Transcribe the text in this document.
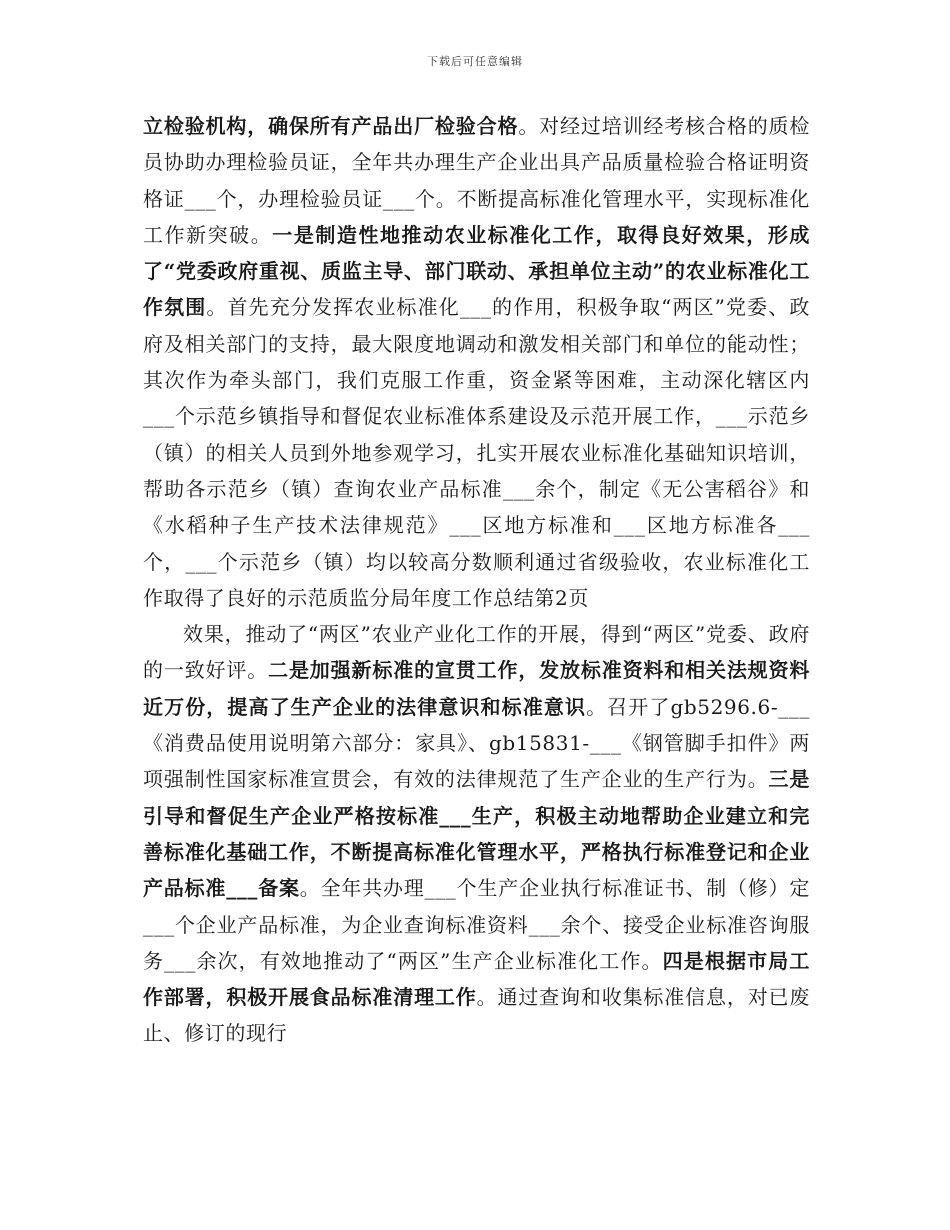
下载后可任意编辑

立检验机构，确保所有产品出厂检验合格。对经过培训经考核合格的质检员协助办理检验员证，全年共办理生产企业出具产品质量检验合格证明资格证___个，办理检验员证___个。不断提高标准化管理水平，实现标准化工作新突破。一是制造性地推动农业标准化工作，取得良好效果，形成了“党委政府重视、质监主导、部门联动、承担单位主动”的农业标准化工作氛围。首先充分发挥农业标准化___的作用，积极争取“两区”党委、政府及相关部门的支持，最大限度地调动和激发相关部门和单位的能动性；其次作为牵头部门，我们克服工作重，资金紧等困难，主动深化辖区内___个示范乡镇指导和督促农业标准体系建设及示范开展工作，___示范乡（镇）的相关人员到外地参观学习，扎实开展农业标准化基础知识培训，帮助各示范乡（镇）查询农业产品标准___余个，制定《无公害稻谷》和《水稻种子生产技术法律规范》___区地方标准和___区地方标准各___个，___个示范乡（镇）均以较高分数顺利通过省级验收，农业标准化工作取得了良好的示范质监分局年度工作总结第2页

效果，推动了“两区”农业产业化工作的开展，得到“两区”党委、政府的一致好评。二是加强新标准的宣贯工作，发放标准资料和相关法规资料近万份，提高了生产企业的法律意识和标准意识。召开了gb5296.6-___《消费品使用说明第六部分：家具》、gb15831-___《钢管脚手扣件》两项强制性国家标准宣贯会，有效的法律规范了生产企业的生产行为。三是引导和督促生产企业严格按标准___生产，积极主动地帮助企业建立和完善标准化基础工作，不断提高标准化管理水平，严格执行标准登记和企业产品标准___备案。全年共办理___个生产企业执行标准证书、制（修）定___个企业产品标准，为企业查询标准资料___余个、接受企业标准咨询服务___余次，有效地推动了“两区”生产企业标准化工作。四是根据市局工作部署，积极开展食品标准清理工作。通过查询和收集标准信息，对已废止、修订的现行
